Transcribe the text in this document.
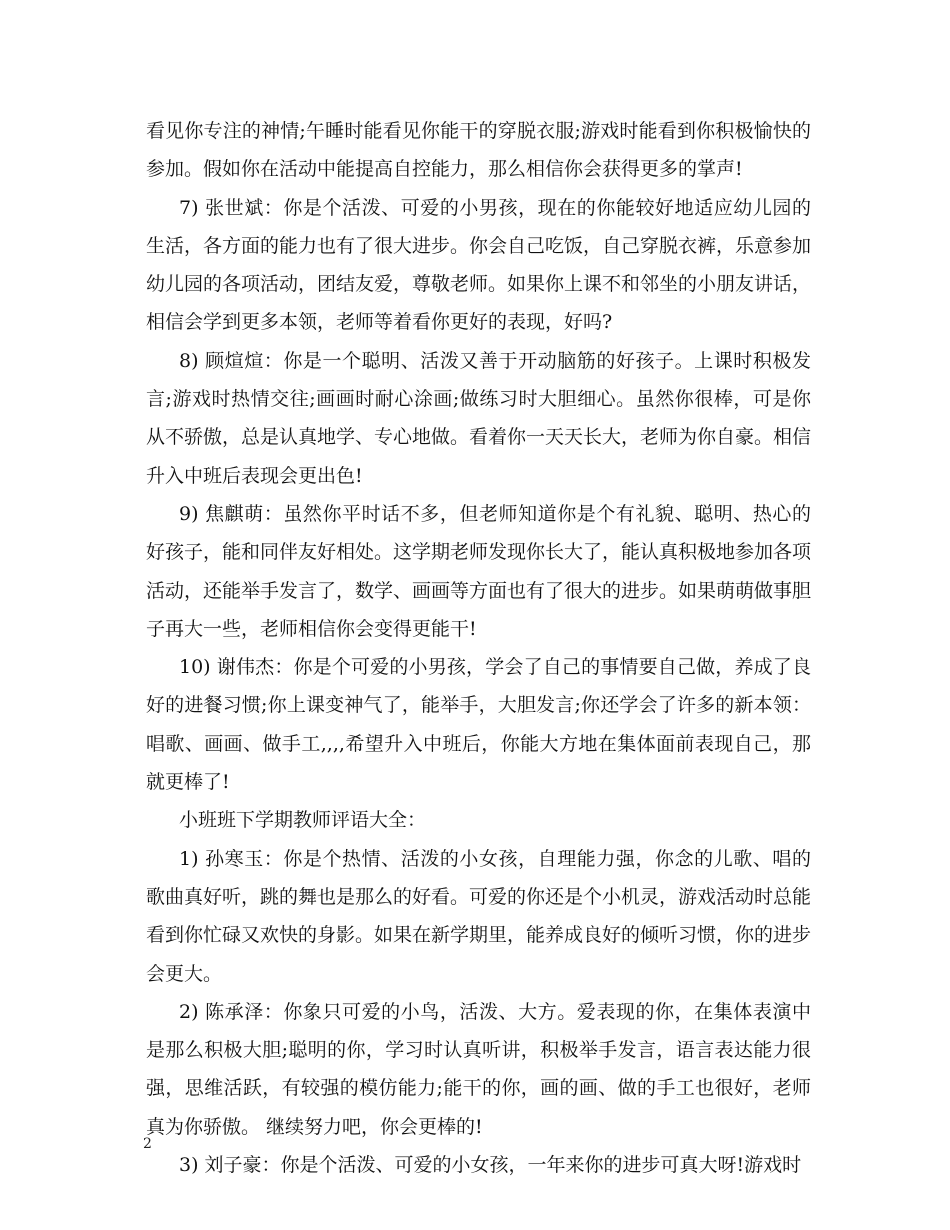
看见你专注的神情;午睡时能看见你能干的穿脱衣服;游戏时能看到你积极愉快的参加。假如你在活动中能提高自控能力，那么相信你会获得更多的掌声!

7) 张世斌：你是个活泼、可爱的小男孩，现在的你能较好地适应幼儿园的生活，各方面的能力也有了很大进步。你会自己吃饭，自己穿脱衣裤，乐意参加幼儿园的各项活动，团结友爱，尊敬老师。如果你上课不和邻坐的小朋友讲话，相信会学到更多本领，老师等着看你更好的表现，好吗?

8) 顾煊煊：你是一个聪明、活泼又善于开动脑筋的好孩子。上课时积极发言;游戏时热情交往;画画时耐心涂画;做练习时大胆细心。虽然你很棒，可是你从不骄傲，总是认真地学、专心地做。看着你一天天长大，老师为你自豪。相信升入中班后表现会更出色!

9) 焦麒萌：虽然你平时话不多，但老师知道你是个有礼貌、聪明、热心的好孩子，能和同伴友好相处。这学期老师发现你长大了，能认真积极地参加各项活动，还能举手发言了，数学、画画等方面也有了很大的进步。如果萌萌做事胆子再大一些，老师相信你会变得更能干!

10) 谢伟杰：你是个可爱的小男孩，学会了自己的事情要自己做，养成了良好的进餐习惯;你上课变神气了，能举手，大胆发言;你还学会了许多的新本领：唱歌、画画、做手工,,,,希望升入中班后，你能大方地在集体面前表现自己，那就更棒了!

小班班下学期教师评语大全：

1) 孙寒玉：你是个热情、活泼的小女孩，自理能力强，你念的儿歌、唱的歌曲真好听，跳的舞也是那么的好看。可爱的你还是个小机灵，游戏活动时总能看到你忙碌又欢快的身影。如果在新学期里，能养成良好的倾听习惯，你的进步会更大。

2) 陈承泽：你象只可爱的小鸟，活泼、大方。爱表现的你，在集体表演中是那么积极大胆;聪明的你，学习时认真听讲，积极举手发言，语言表达能力很强，思维活跃，有较强的模仿能力;能干的你，画的画、做的手工也很好，老师真为你骄傲。 继续努力吧，你会更棒的!

3) 刘子豪：你是个活泼、可爱的小女孩，一年来你的进步可真大呀!游戏时

2
